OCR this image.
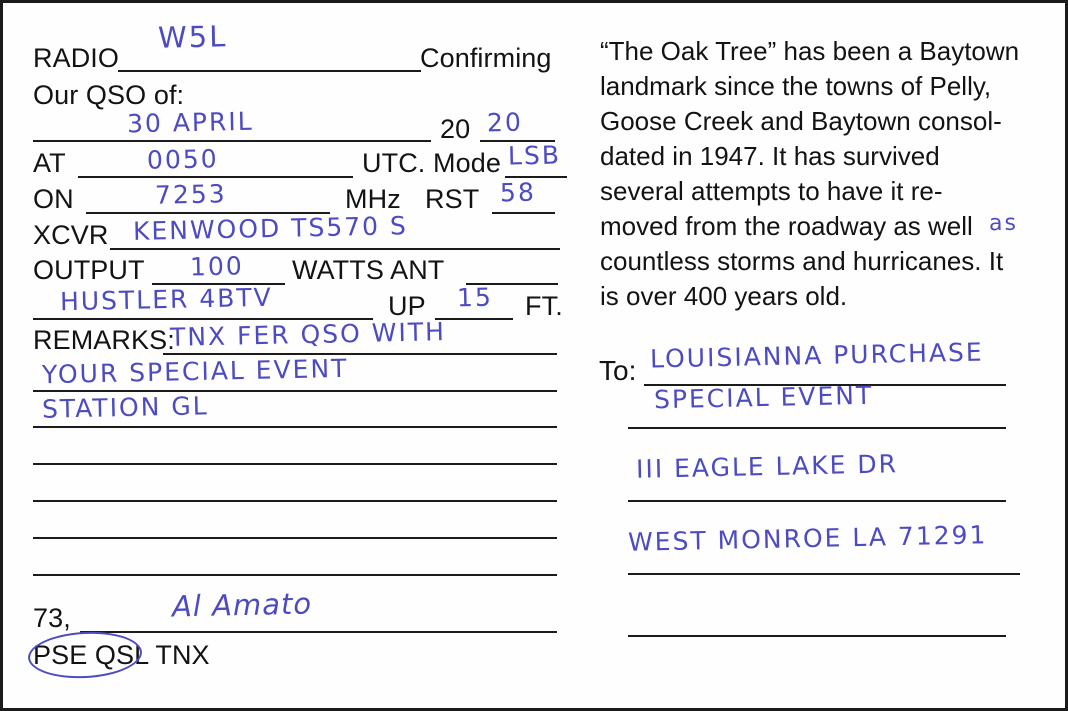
RADIO
W5L
Confirming
Our QSO of:
30 APRIL	20 20
AT	0050	UTC. Mode LSB
ON	7253	MHz RST 58
XCVR KENWOOD TS570 S
OUTPUT 100 WATTS ANT
HUSTLER 4BTV	UP 15 FT.
REMARKS:
TNX FER QSO WITH
YOUR SPECIAL EVENT
STATION GL
73,	Al Amato
PSE QSL TNX
“The Oak Tree” has been a Baytown
landmark since the towns of Pelly,
Goose Creek and Baytown consol-
dated in 1947. It has survived
several attempts to have it re-
moved from the roadway as well
countless storms and hurricanes. It
is over 400 years old.
as
To: LOUISIANNA PURCHASE
SPECIAL EVENT
III EAGLE LAKE DR
WEST MONROE LA 71291
